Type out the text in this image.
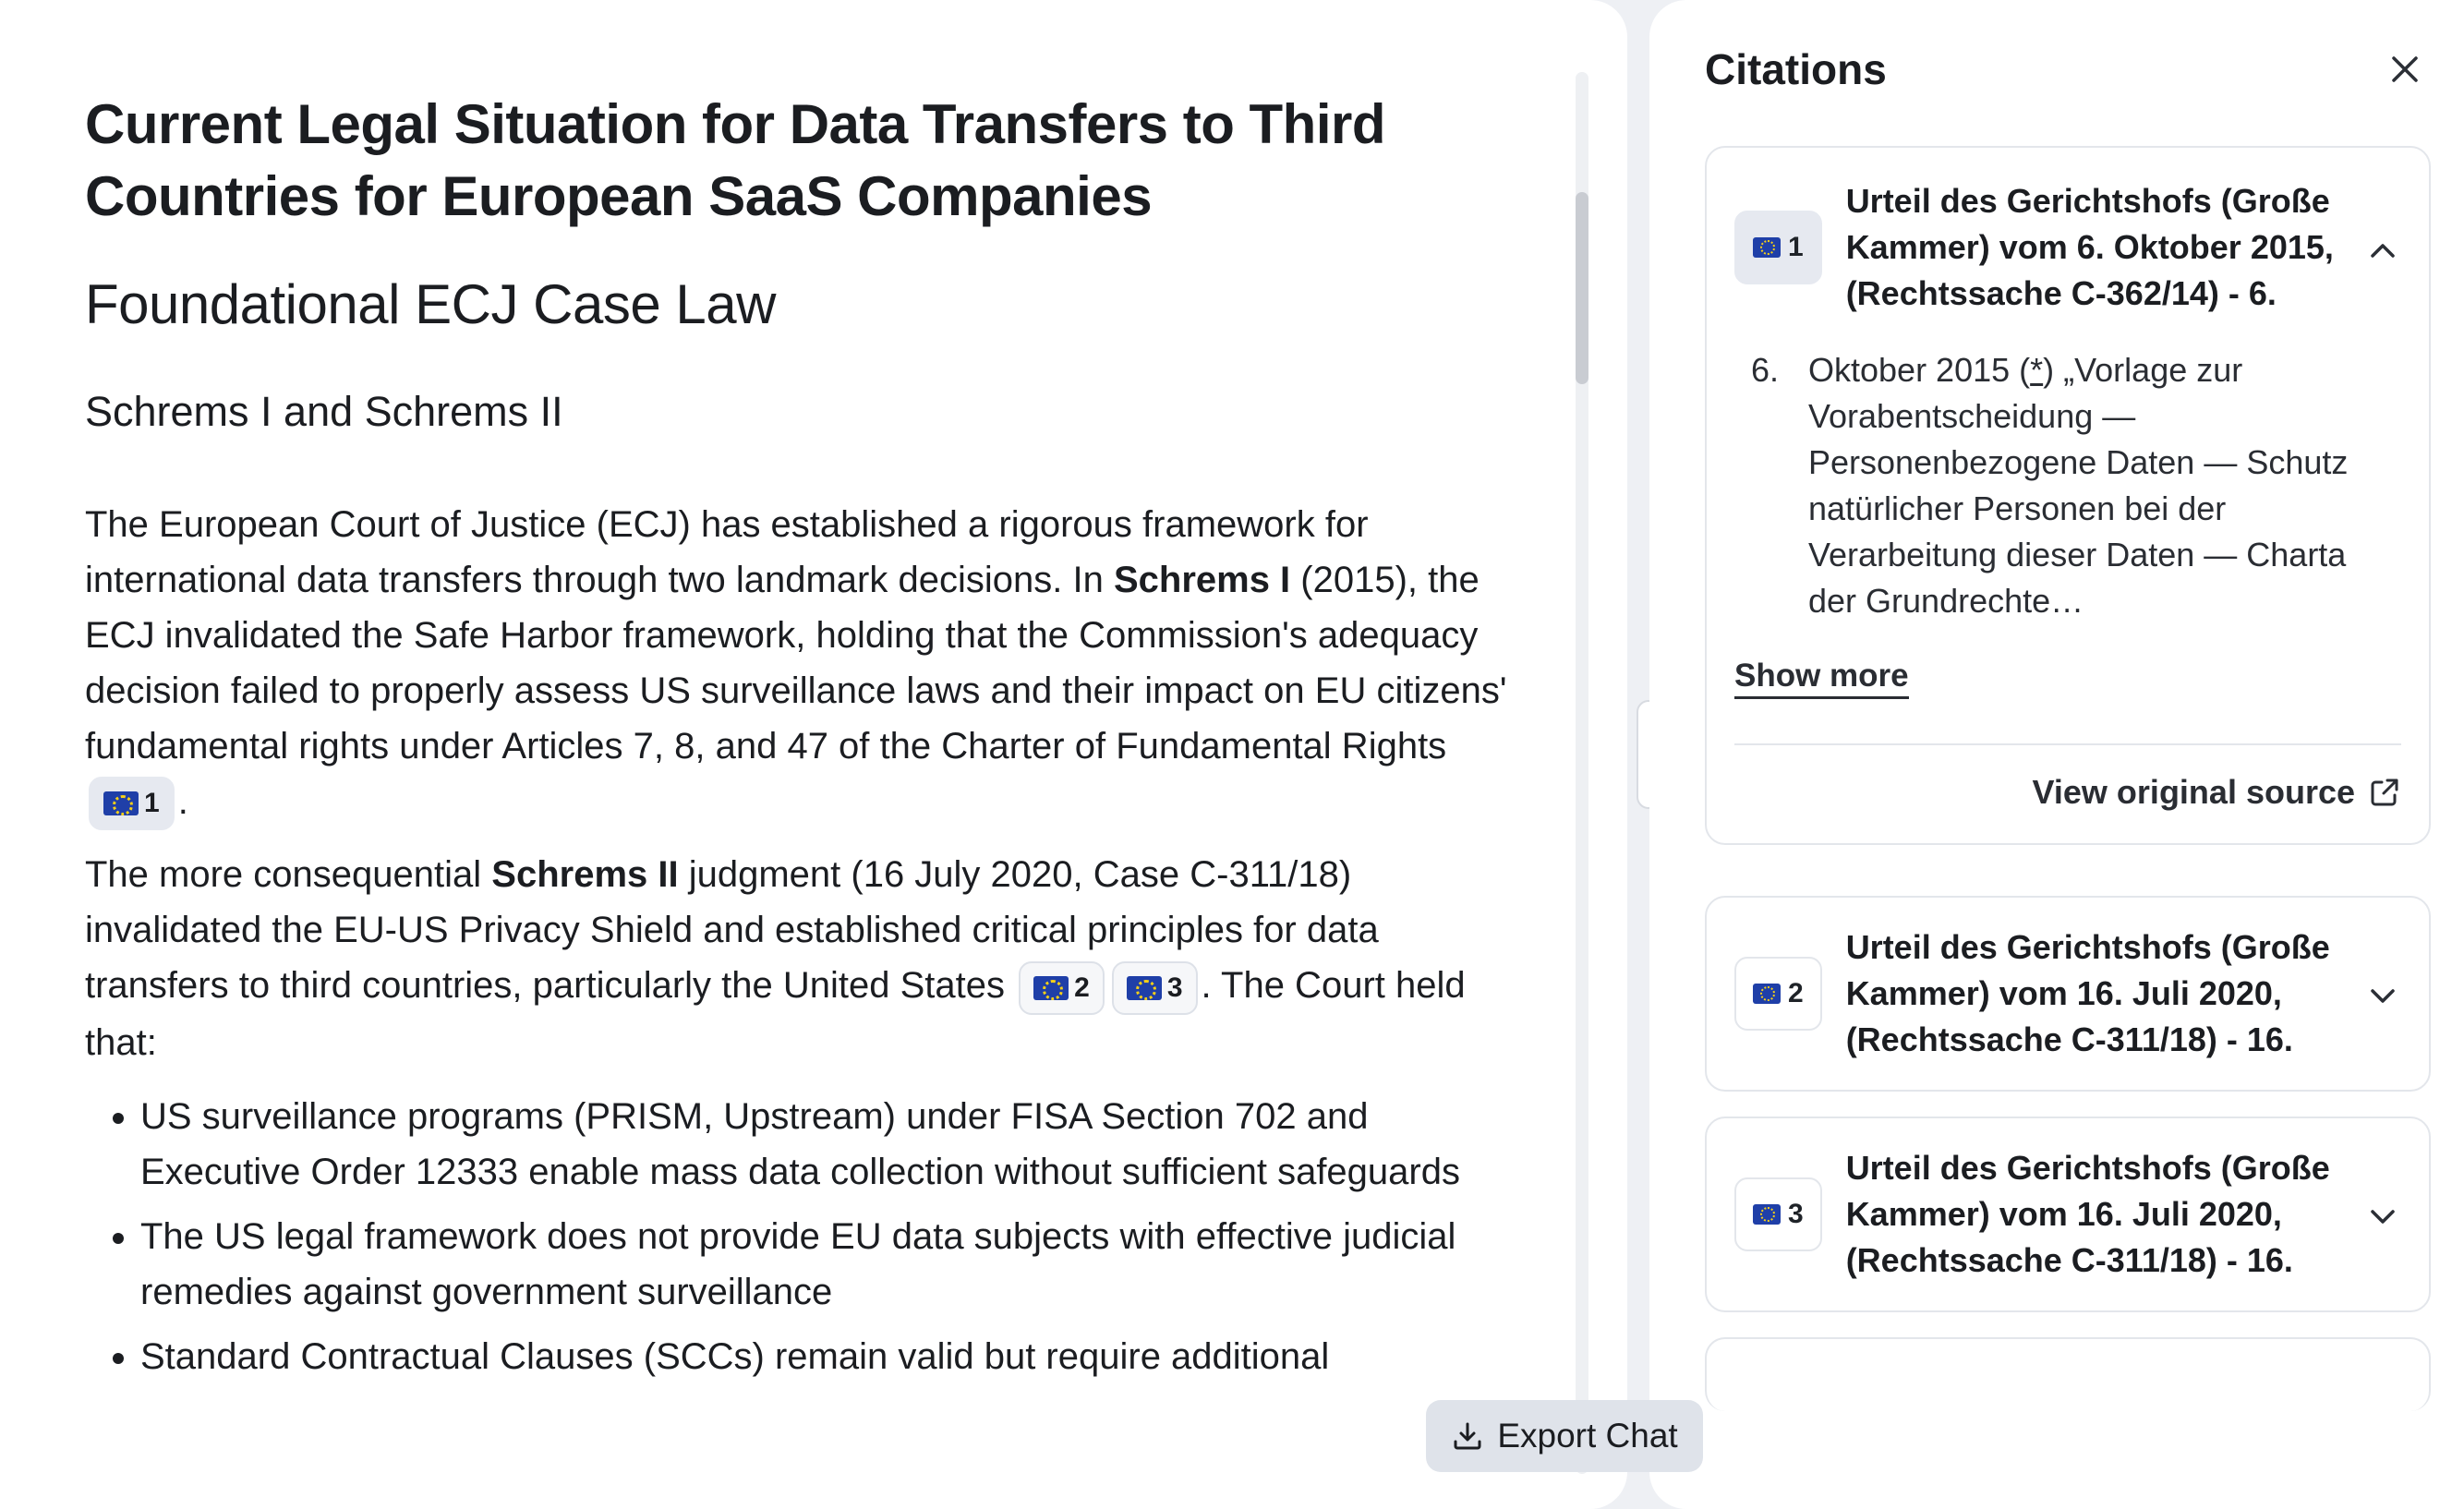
Current Legal Situation for Data Transfers to Third Countries for European SaaS Companies
Foundational ECJ Case Law
Schrems I and Schrems II

The European Court of Justice (ECJ) has established a rigorous framework for international data transfers through two landmark decisions. In Schrems I (2015), the ECJ invalidated the Safe Harbor framework, holding that the Commission's adequacy decision failed to properly assess US surveillance laws and their impact on EU citizens' fundamental rights under Articles 7, 8, and 47 of the Charter of Fundamental Rights
1 .

The more consequential Schrems II judgment (16 July 2020, Case C-311/18) invalidated the EU-US Privacy Shield and established critical principles for data transfers to third countries, particularly the United States	2	3 . The Court held that:

• US surveillance programs (PRISM, Upstream) under FISA Section 702 and Executive Order 12333 enable mass data collection without sufficient safeguards
• The US legal framework does not provide EU data subjects with effective judicial remedies against government surveillance
• Standard Contractual Clauses (SCCs) remain valid but require additional
Citations
1
Urteil des Gerichtshofs (Große Kammer) vom 6. Oktober 2015, (Rechtssache C-362/14) - 6.
6. Oktober 2015 (*) „Vorlage zur Vorabentscheidung — Personenbezogene Daten — Schutz natürlicher Personen bei der Verarbeitung dieser Daten — Charta der Grundrechte…
Show more
View original source
2
Urteil des Gerichtshofs (Große Kammer) vom 16. Juli 2020, (Rechtssache C-311/18) - 16.
3
Urteil des Gerichtshofs (Große Kammer) vom 16. Juli 2020, (Rechtssache C-311/18) - 16.
Export Chat
